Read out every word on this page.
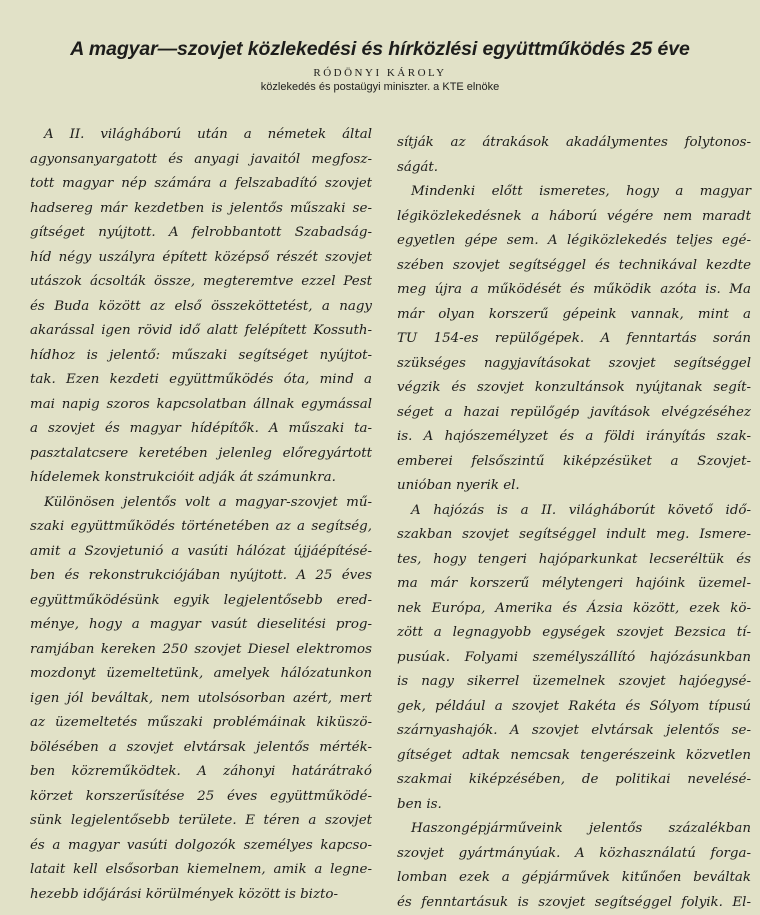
A magyar—szovjet közlekedési és hírközlési együttműködés 25 éve
RÓDÖNYI KÁROLY
közlekedés és postaügyi miniszter. a KTE elnöke
A II. világháború után a németek által
agyonsanyargatott és anyagi javaitól megfosz-
tott magyar nép számára a felszabadító szovjet
hadsereg már kezdetben is jelentős műszaki se-
gítséget nyújtott. A felrobbantott Szabadság-
híd négy uszályra épített középső részét szovjet
utászok ácsolták össze, megteremtve ezzel Pest
és Buda között az első összeköttetést, a nagy
akarással igen rövid idő alatt felépített Kossuth-
hídhoz is jelentő: műszaki segítséget nyújtot-
tak. Ezen kezdeti együttműködés óta, mind a
mai napig szoros kapcsolatban állnak egymással
a szovjet és magyar hídépítők. A műszaki ta-
pasztalatcsere keretében jelenleg előregyártott
hídelemek konstrukcióit adják át számunkra.
Különösen jelentős volt a magyar-szovjet mű-
szaki együttműködés történetében az a segítség,
amit a Szovjetunió a vasúti hálózat újjáépítésé-
ben és rekonstrukciójában nyújtott. A 25 éves
együttműködésünk egyik legjelentősebb ered-
ménye, hogy a magyar vasút dieselitési prog-
ramjában kereken 250 szovjet Diesel elektromos
mozdonyt üzemeltetünk, amelyek hálózatunkon
igen jól beváltak, nem utolsósorban azért, mert
az üzemeltetés műszaki problémáinak kiküszö-
bölésében a szovjet elvtársak jelentős mérték-
ben közreműködtek. A záhonyi határátrakó
körzet korszerűsítése 25 éves együttműködé-
sünk legjelentősebb területe. E téren a szovjet
és a magyar vasúti dolgozók személyes kapcso-
latait kell elsősorban kiemelnem, amik a legne-
hezebb időjárási körülmények között is bizto-
sítják az átrakások akadálymentes folytonos-
ságát.
Mindenki előtt ismeretes, hogy a magyar
légiközlekedésnek a háború végére nem maradt
egyetlen gépe sem. A légiközlekedés teljes egé-
szében szovjet segítséggel és technikával kezdte
meg újra a működését és működik azóta is. Ma
már olyan korszerű gépeink vannak, mint a
TU 154-es repülőgépek. A fenntartás során
szükséges nagyjavításokat szovjet segítséggel
végzik és szovjet konzultánsok nyújtanak segít-
séget a hazai repülőgép javítások elvégzéséhez
is. A hajószemélyzet és a földi irányítás szak-
emberei felsőszintű kiképzésüket a Szovjet-
unióban nyerik el.
A hajózás is a II. világháborút követő idő-
szakban szovjet segítséggel indult meg. Ismere-
tes, hogy tengeri hajóparkunkat lecseréltük és
ma már korszerű mélytengeri hajóink üzemel-
nek Európa, Amerika és Ázsia között, ezek kö-
zött a legnagyobb egységek szovjet Bezsica tí-
pusúak. Folyami személyszállító hajózásunkban
is nagy sikerrel üzemelnek szovjet hajóegysé-
gek, például a szovjet Rakéta és Sólyom típusú
szárnyashajók. A szovjet elvtársak jelentős se-
gítséget adtak nemcsak tengerészeink közvetlen
szakmai kiképzésében, de politikai nevelésé-
ben is.
Haszongépjárműveink jelentős százalékban
szovjet gyártmányúak. A közhasználatú forga-
lomban ezek a gépjárművek kitűnően beváltak
és fenntartásuk is szovjet segítséggel folyik. El-
